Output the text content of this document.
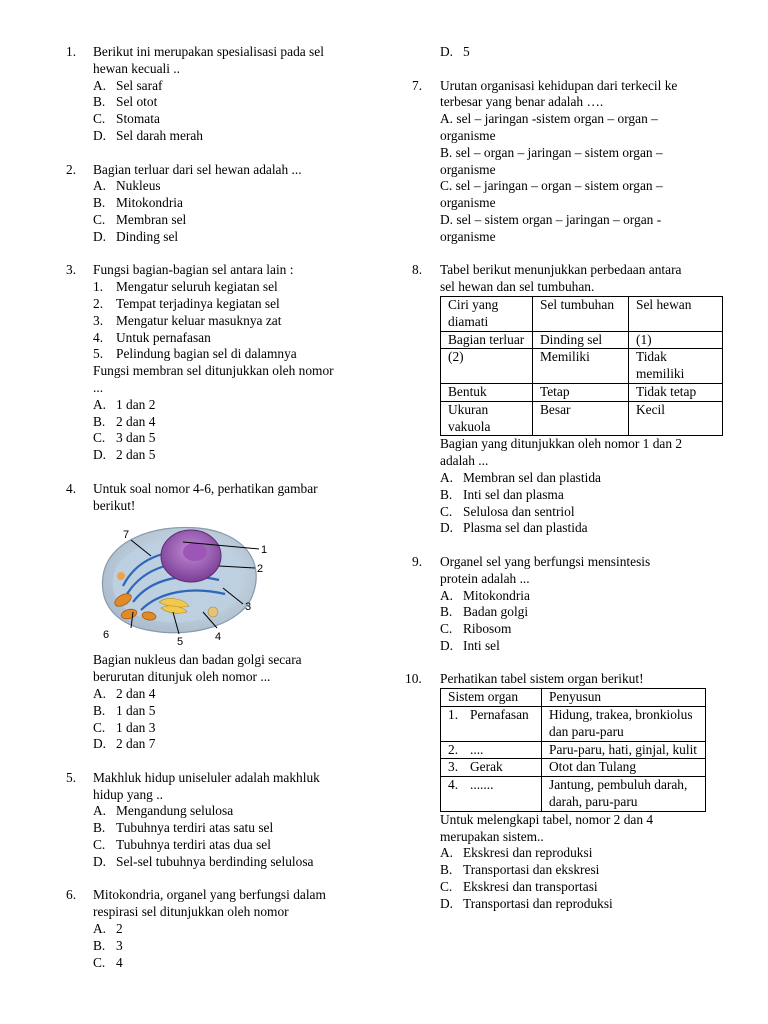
1. Berikut ini merupakan spesialisasi pada sel
hewan kecuali ..
A. Sel saraf
B. Sel otot
C. Stomata
D. Sel darah merah
2. Bagian terluar dari sel hewan adalah ...
A. Nukleus
B. Mitokondria
C. Membran sel
D. Dinding sel
3. Fungsi bagian-bagian sel antara lain :
1. Mengatur seluruh kegiatan sel
2. Tempat terjadinya kegiatan sel
3. Mengatur keluar masuknya zat
4. Untuk pernafasan
5. Pelindung bagian sel di dalamnya
Fungsi membran sel ditunjukkan oleh nomor
...
A. 1 dan 2
B. 2 dan 4
C. 3 dan 5
D. 2 dan 5
4. Untuk soal nomor 4-6, perhatikan gambar
berikut!
1
2
3
4
5
6
7
Bagian nukleus dan badan golgi secara
berurutan ditunjuk oleh nomor ...
A. 2 dan 4
B. 1 dan 5
C. 1 dan 3
D. 2 dan 7
5. Makhluk hidup uniseluler adalah makhluk
hidup yang ..
A. Mengandung selulosa
B. Tubuhnya terdiri atas satu sel
C. Tubuhnya terdiri atas dua sel
D. Sel-sel tubuhnya berdinding selulosa
6. Mitokondria, organel yang berfungsi dalam
respirasi sel ditunjukkan oleh nomor
A. 2
B. 3
C. 4
D. 5
7. Urutan organisasi kehidupan dari terkecil ke
terbesar yang benar adalah ….
A. sel – jaringan -sistem organ – organ –
organisme
B. sel – organ – jaringan – sistem organ –
organisme
C. sel – jaringan – organ – sistem organ –
organisme
D. sel – sistem organ – jaringan – organ -
organisme
8. Tabel berikut menunjukkan perbedaan antara
sel hewan dan sel tumbuhan.
Ciri yang diamati	Sel tumbuhan	Sel hewan
Bagian terluar	Dinding sel	(1)
(2)	Memiliki	Tidak memiliki
Bentuk	Tetap	Tidak tetap
Ukuran vakuola	Besar	Kecil
Bagian yang ditunjukkan oleh nomor 1 dan 2
adalah ...
A. Membran sel dan plastida
B. Inti sel dan plasma
C. Selulosa dan sentriol
D. Plasma sel dan plastida
9. Organel sel yang berfungsi mensintesis
protein adalah ...
A. Mitokondria
B. Badan golgi
C. Ribosom
D. Inti sel
10. Perhatikan tabel sistem organ berikut!
Sistem organ	Penyusun

1. Pernafasan	Hidung, trakea, bronkiolus dan paru-paru

2. ....	Paru-paru, hati, ginjal, kulit

3. Gerak	Otot dan Tulang

4. .......	Jantung, pembuluh darah, darah, paru-paru
Untuk melengkapi tabel, nomor 2 dan 4
merupakan sistem..
A. Ekskresi dan reproduksi
B. Transportasi dan ekskresi
C. Ekskresi dan transportasi
D. Transportasi dan reproduksi
